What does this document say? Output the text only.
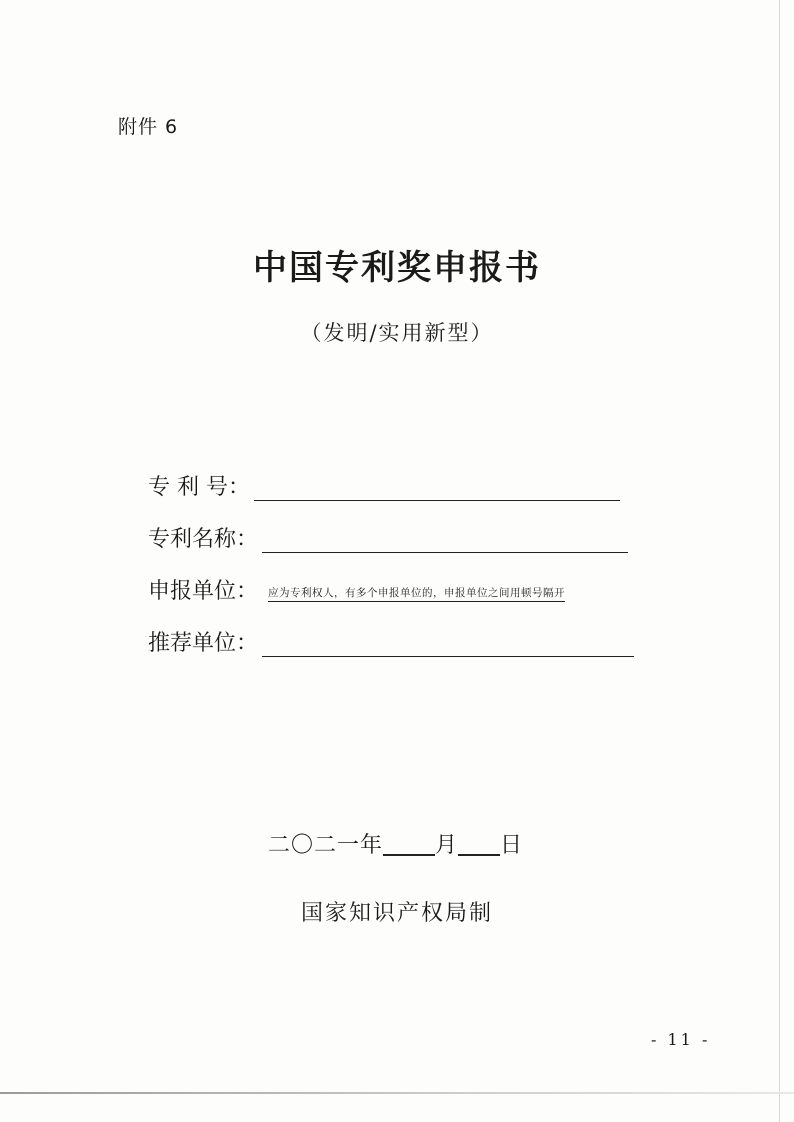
附件 6
中国专利奖申报书
（发明/实用新型）
专 利 号：
专利名称：
申报单位： 应为专利权人，有多个申报单位的，申报单位之间用顿号隔开
推荐单位：
二〇二一年 月 日
国家知识产权局制
- 11 -
